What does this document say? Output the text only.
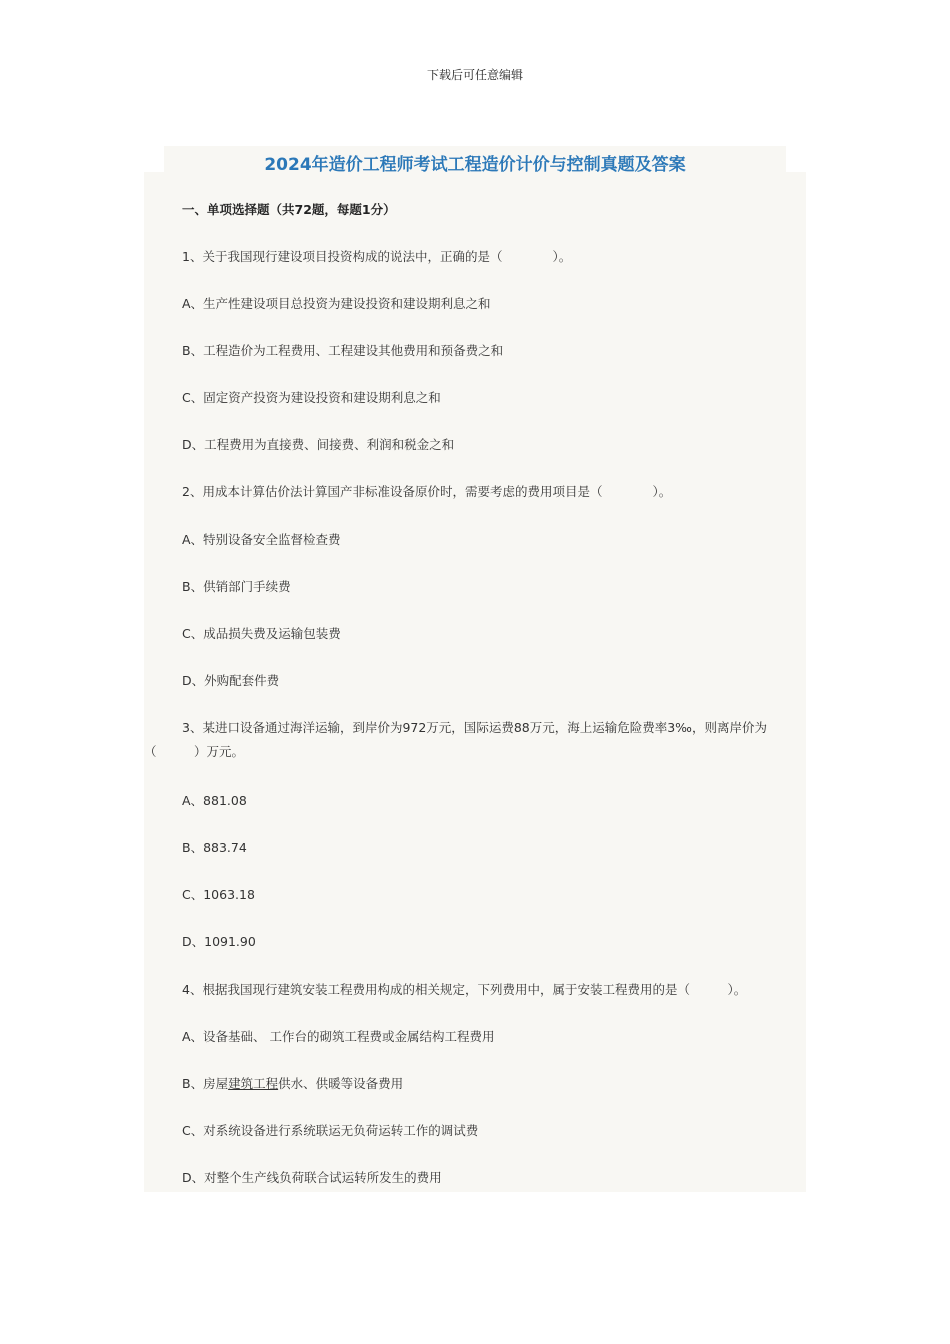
下载后可任意编辑
2024年造价工程师考试工程造价计价与控制真题及答案
一、单项选择题（共72题，每题1分）
1、关于我国现行建设项目投资构成的说法中，正确的是（　　　　）。
A、生产性建设项目总投资为建设投资和建设期利息之和
B、工程造价为工程费用、工程建设其他费用和预备费之和
C、固定资产投资为建设投资和建设期利息之和
D、工程费用为直接费、间接费、利润和税金之和
2、用成本计算估价法计算国产非标准设备原价时，需要考虑的费用项目是（　　　　）。
A、特别设备安全监督检查费
B、供销部门手续费
C、成品损失费及运输包装费
D、外购配套件费
3、某进口设备通过海洋运输，到岸价为972万元，国际运费88万元，海上运输危险费率3‰，则离岸价为（　　　）万元。
A、881.08
B、883.74
C、1063.18
D、1091.90
4、根据我国现行建筑安装工程费用构成的相关规定，下列费用中，属于安装工程费用的是（　　　）。
A、设备基础、 工作台的砌筑工程费或金属结构工程费用
B、房屋建筑工程供水、供暖等设备费用
C、对系统设备进行系统联运无负荷运转工作的调试费
D、对整个生产线负荷联合试运转所发生的费用
